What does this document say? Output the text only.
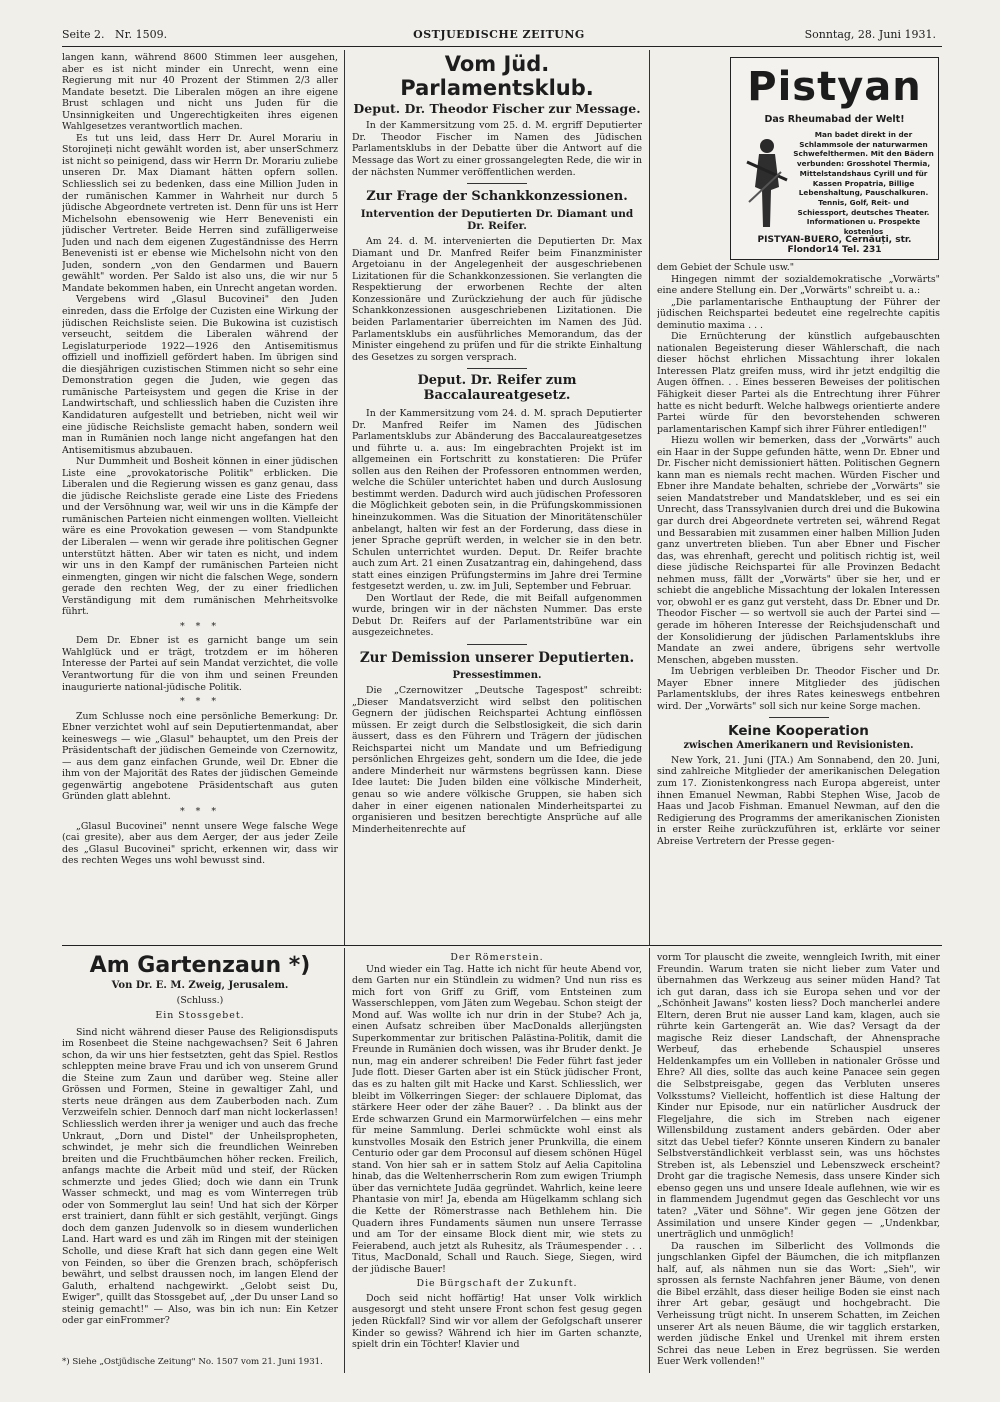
Seite 2. Nr. 1509.	OSTJUEDISCHE ZEITUNG	Sonntag, 28. Juni 1931.

langen kann, während 8600 Stimmen leer ausgehen, aber es ist nicht minder ein Unrecht, wenn eine Regierung mit nur 40 Prozent der Stimmen 2/3 aller Mandate besetzt. Die Liberalen mögen an ihre eigene Brust schlagen und nicht uns Juden für die Unsinnigkeiten und Ungerechtigkeiten ihres eigenen Wahlgesetzes verantwortlich machen.

Es tut uns leid, dass Herr Dr. Aurel Morariu in Storojineți nicht gewählt worden ist, aber unserSchmerz ist nicht so peinigend, dass wir Herrn Dr. Morariu zuliebe unseren Dr. Max Diamant hätten opfern sollen. Schliesslich sei zu bedenken, dass eine Million Juden in der rumänischen Kammer in Wahrheit nur durch 5 jüdische Abgeordnete vertreten ist. Denn für uns ist Herr Michelsohn ebensowenig wie Herr Benevenisti ein jüdischer Vertreter. Beide Herren sind zufälligerweise Juden und nach dem eigenen Zugeständnisse des Herrn Benevenisti ist er ebense wie Michelsohn nicht von den Juden, sondern „von den Gendarmen und Bauern gewählt" worden. Per Saldo ist also uns, die wir nur 5 Mandate bekommen haben, ein Unrecht angetan worden.

Vergebens wird „Glasul Bucovinei" den Juden einreden, dass die Erfolge der Cuzisten eine Wirkung der jüdischen Reichsliste seien. Die Bukowina ist cuzistisch verseucht, seitdem die Liberalen während der Legislaturperiode 1922—1926 den Antisemitismus offiziell und inoffiziell gefördert haben. Im übrigen sind die diesjährigen cuzistischen Stimmen nicht so sehr eine Demonstration gegen die Juden, wie gegen das rumänische Parteisystem und gegen die Krise in der Landwirtschaft, und schliesslich haben die Cuzisten ihre Kandidaturen aufgestellt und betrieben, nicht weil wir eine jüdische Reichsliste gemacht haben, sondern weil man in Rumänien noch lange nicht angefangen hat den Antisemitismus abzubauen.

Nur Dummheit und Bosheit können in einer jüdischen Liste eine „provokatorische Politik" erblicken. Die Liberalen und die Regierung wissen es ganz genau, dass die jüdische Reichsliste gerade eine Liste des Friedens und der Versöhnung war, weil wir uns in die Kämpfe der rumänischen Parteien nicht einmengen wollten. Vielleicht wäre es eine Provokation gewesen — vom Standpunkte der Liberalen — wenn wir gerade ihre politischen Gegner unterstützt hätten. Aber wir taten es nicht, und indem wir uns in den Kampf der rumänischen Parteien nicht einmengten, gingen wir nicht die falschen Wege, sondern gerade den rechten Weg, der zu einer friedlichen Verständigung mit dem rumänischen Mehrheitsvolke führt.

* * *

Dem Dr. Ebner ist es garnicht bange um sein Wahlglück und er trägt, trotzdem er im höheren Interesse der Partei auf sein Mandat verzichtet, die volle Verantwortung für die von ihm und seinen Freunden inaugurierte national-jüdische Politik.

* * *

Zum Schlusse noch eine persönliche Bemerkung: Dr. Ebner verzichtet wohl auf sein Deputiertenmandat, aber keineswegs — wie „Glasul" behauptet, um den Preis der Präsidentschaft der jüdischen Gemeinde von Czernowitz, — aus dem ganz einfachen Grunde, weil Dr. Ebner die ihm von der Majorität des Rates der jüdischen Gemeinde gegenwärtig angebotene Präsidentschaft aus guten Gründen glatt ablehnt.

* * *

„Glasul Bucovinei" nennt unsere Wege falsche Wege (cai gresite), aber aus dem Aerger, der aus jeder Zeile des „Glasul Bucovinei" spricht, erkennen wir, dass wir des rechten Weges uns wohl bewusst sind.

Vom Jüd. Parlamentsklub.
Deput. Dr. Theodor Fischer zur Message.

In der Kammersitzung vom 25. d. M. ergriff Deputierter Dr. Theodor Fischer im Namen des Jüdischen Parlamentsklubs in der Debatte über die Antwort auf die Message das Wort zu einer grossangelegten Rede, die wir in der nächsten Nummer veröffentlichen werden.

Zur Frage der Schankkonzessionen.
Intervention der Deputierten Dr. Diamant und Dr. Reifer.

Am 24. d. M. intervenierten die Deputierten Dr. Max Diamant und Dr. Manfred Reifer beim Finanzminister Argetoianu in der Angelegenheit der ausgeschriebenen Lizitationen für die Schankkonzessionen. Sie verlangten die Respektierung der erworbenen Rechte der alten Konzessionäre und Zurückziehung der auch für jüdische Schankkonzessionen ausgeschriebenen Lizitationen. Die beiden Parlamentarier überreichten im Namen des Jüd. Parlamentsklubs ein ausführliches Memorandum, das der Minister eingehend zu prüfen und für die strikte Einhaltung des Gesetzes zu sorgen versprach.

Deput. Dr. Reifer zum Baccalaureatgesetz.

In der Kammersitzung vom 24. d. M. sprach Deputierter Dr. Manfred Reifer im Namen des Jüdischen Parlamentsklubs zur Abänderung des Baccalaureatgesetzes und führte u. a. aus: Im eingebrachten Projekt ist im allgemeinen ein Fortschritt zu konstatieren: Die Prüfer sollen aus den Reihen der Professoren entnommen werden, welche die Schüler unterichtet haben und durch Auslosung bestimmt werden. Dadurch wird auch jüdischen Professoren die Möglichkeit geboten sein, in die Prüfungskommissionen hineinzukommen. Was die Situation der Minoritätenschüler anbelangt, halten wir fest an der Forderung, dass diese in jener Sprache geprüft werden, in welcher sie in den betr. Schulen unterrichtet wurden. Deput. Dr. Reifer brachte auch zum Art. 21 einen Zusatzantrag ein, dahingehend, dass statt eines einzigen Prüfungstermins im Jahre drei Termine festgesetzt werden, u. zw. im Juli, September und Februar.

Den Wortlaut der Rede, die mit Beifall aufgenommen wurde, bringen wir in der nächsten Nummer. Das erste Debut Dr. Reifers auf der Parlamentstribüne war ein ausgezeichnetes.

Zur Demission unserer Deputierten.
Pressestimmen.

Die „Czernowitzer „Deutsche Tagespost" schreibt: „Dieser Mandatsverzicht wird selbst den politischen Gegnern der jüdischen Reichspartei Achtung einflössen müssen. Er zeigt durch die Selbstlosigkeit, die sich darin äussert, dass es den Führern und Trägern der jüdischen Reichspartei nicht um Mandate und um Befriedigung persönlichen Ehrgeizes geht, sondern um die Idee, die jede andere Minderheit nur wärmstens begrüssen kann. Diese Idee lautet: Die Juden bilden eine völkische Minderheit, genau so wie andere völkische Gruppen, sie haben sich daher in einer eigenen nationalen Minderheitspartei zu organisieren und besitzen berechtigte Ansprüche auf alle Minderheitenrechte auf

Pistyan
Das Rheumabad der Welt!
Man badet direkt in der Schlammsole der naturwarmen Schwefelthermen. Mit den Bädern verbunden: Grosshotel Thermia, Mittelstandshaus Cyrill und für Kassen Propatria, Billige Lebenshaltung, Pauschalkuren. Tennis, Golf, Reit- und Schiessport, deutsches Theater.
Informationen u. Prospekte kostenlos
PISTYAN-BUERO, Cernăuți, str. Flondor14 Tel. 231

dem Gebiet der Schule usw."

Hingegen nimmt der sozialdemokratische „Vorwärts" eine andere Stellung ein. Der „Vorwärts" schreibt u. a.:

„Die parlamentarische Enthauptung der Führer der jüdischen Reichspartei bedeutet eine regelrechte capitis deminutio maxima . . .

Die Ernüchterung der künstlich aufgebauschten nationalen Begeisterung dieser Wählerschaft, die nach dieser höchst ehrlichen Missachtung ihrer lokalen Interessen Platz greifen muss, wird ihr jetzt endgiltig die Augen öffnen. . . Eines besseren Beweises der politischen Fähigkeit dieser Partei als die Entrechtung ihrer Führer hatte es nicht bedurft. Welche halbwegs orientierte andere Partei würde für den bevorstehenden schweren parlamentarischen Kampf sich ihrer Führer entledigen!"

Hiezu wollen wir bemerken, dass der „Vorwärts" auch ein Haar in der Suppe gefunden hätte, wenn Dr. Ebner und Dr. Fischer nicht demissioniert hätten. Politischen Gegnern kann man es niemals recht machen. Würden Fischer und Ebner ihre Mandate behalten, schriebe der „Vorwärts" sie seien Mandatstreber und Mandatskleber, und es sei ein Unrecht, dass Transsylvanien durch drei und die Bukowina gar durch drei Abgeordnete vertreten sei, während Regat und Bessarabien mit zusammen einer halben Million Juden ganz unvertreten blieben. Tun aber Ebner und Fischer das, was ehrenhaft, gerecht und politisch richtig ist, weil diese jüdische Reichspartei für alle Provinzen Bedacht nehmen muss, fällt der „Vorwärts" über sie her, und er schiebt die angebliche Missachtung der lokalen Interessen vor, obwohl er es ganz gut versteht, dass Dr. Ebner und Dr. Theodor Fischer — so wertvoll sie auch der Partei sind — gerade im höheren Interesse der Reichsjudenschaft und der Konsolidierung der jüdischen Parlamentsklubs ihre Mandate an zwei andere, übrigens sehr wertvolle Menschen, abgeben mussten.

Im Uebrigen verbleiben Dr. Theodor Fischer und Dr. Mayer Ebner innere Mitglieder des jüdischen Parlamentsklubs, der ihres Rates keineswegs entbehren wird. Der „Vorwärts" soll sich nur keine Sorge machen.

Keine Kooperation
zwischen Amerikanern und Revisionisten.

New York, 21. Juni (JTA.) Am Sonnabend, den 20. Juni, sind zahlreiche Mitglieder der amerikanischen Delegation zum 17. Zionistenkongress nach Europa abgereist, unter ihnen Emanuel Newman, Rabbi Stephen Wise, Jacob de Haas und Jacob Fishman. Emanuel Newman, auf den die Redigierung des Programms der amerikanischen Zionisten in erster Reihe zurückzuführen ist, erklärte vor seiner Abreise Vertretern der Presse gegen-

Am Gartenzaun *)
Von Dr. E. M. Zweig, Jerusalem.
(Schluss.)
Ein Stossgebet.

Sind nicht während dieser Pause des Religionsdisputs im Rosenbeet die Steine nachgewachsen? Seit 6 Jahren schon, da wir uns hier festsetzten, geht das Spiel. Restlos schleppten meine brave Frau und ich von unserem Grund die Steine zum Zaun und darüber weg. Steine aller Grössen und Formen, Steine in gewaltiger Zahl, und sterts neue drängen aus dem Zauberboden nach. Zum Verzweifeln schier. Dennoch darf man nicht lockerlassen! Schliesslich werden ihrer ja weniger und auch das freche Unkraut, „Dorn und Distel" der Unheilspropheten, schwindet, je mehr sich die freundlichen Weinreben breiten und die Fruchtbäumchen höher recken. Freilich, anfangs machte die Arbeit müd und steif, der Rücken schmerzte und jedes Glied; doch wie dann ein Trunk Wasser schmeckt, und mag es vom Winterregen trüb oder von Sommerglut lau sein! Und hat sich der Körper erst trainiert, dann fühlt er sich gestählt, verjüngt. Gings doch dem ganzen Judenvolk so in diesem wunderlichen Land. Hart ward es und zäh im Ringen mit der steinigen Scholle, und diese Kraft hat sich dann gegen eine Welt von Feinden, so über die Grenzen brach, schöpferisch bewährt, und selbst draussen noch, im langen Elend der Galuth, erhaltend nachgewirkt. „Gelobt seist Du, Ewiger", quillt das Stossgebet auf, „der Du unser Land so steinig gemacht!" — Also, was bin ich nun: Ein Ketzer oder gar einFrommer?

*) Siehe „Ostjüdische Zeitung" No. 1507 vom 21. Juni 1931.
Der Römerstein.

Und wieder ein Tag. Hatte ich nicht für heute Abend vor, dem Garten nur ein Stündlein zu widmen? Und nun riss es mich fort von Griff zu Griff, vom Entsteinen zum Wasserschleppen, vom Jäten zum Wegebau. Schon steigt der Mond auf. Was wollte ich nur drin in der Stube? Ach ja, einen Aufsatz schreiben über MacDonalds allerjüngsten Superkommentar zur britischen Palästina-Politik, damit die Freunde in Rumänien doch wissen, was ihr Bruder denkt. Je nun, mag ein anderer schreiben! Die Feder führt fast jeder Jude flott. Dieser Garten aber ist ein Stück jüdischer Front, das es zu halten gilt mit Hacke und Karst. Schliesslich, wer bleibt im Völkerringen Sieger: der schlauere Diplomat, das stärkere Heer oder der zähe Bauer? . . Da blinkt aus der Erde schwarzen Grund ein Marmorwürfelchen — eins mehr für meine Sammlung. Derlei schmückte wohl einst als kunstvolles Mosaik den Estrich jener Prunkvilla, die einem Centurio oder gar dem Proconsul auf diesem schönen Hügel stand. Von hier sah er in sattem Stolz auf Aelia Capitolina hinab, das die Weltenherrscherin Rom zum ewigen Triumph über das vernichtete Judäa gegründet. Wahrlich, keine leere Phantasie von mir! Ja, ebenda am Hügelkamm schlang sich die Kette der Römerstrasse nach Bethlehem hin. Die Quadern ihres Fundaments säumen nun unsere Terrasse und am Tor der einsame Block dient mir, wie stets zu Feierabend, auch jetzt als Ruhesitz, als Träumespender . . . Titus, MacDonald, Schall und Rauch. Siege, Siegen, wird der jüdische Bauer!

Die Bürgschaft der Zukunft.

Doch seid nicht hoffärtig! Hat unser Volk wirklich ausgesorgt und steht unsere Front schon fest gesug gegen jeden Rückfall? Sind wir vor allem der Gefolgschaft unserer Kinder so gewiss? Während ich hier im Garten schanzte, spielt drin ein Töchter! Klavier und

vorm Tor plauscht die zweite, wenngleich Iwrith, mit einer Freundin. Warum traten sie nicht lieber zum Vater und übernahmen das Werkzeug aus seiner müden Hand? Tat ich gut daran, dass ich sie Europa sehen und vor der „Schönheit Jawans" kosten liess? Doch mancherlei andere Eltern, deren Brut nie ausser Land kam, klagen, auch sie rührte kein Gartengerät an. Wie das? Versagt da der magische Reiz dieser Landschaft, der Ahnensprache Werbeuf, das erhebende Schauspiel unseres Heldenkampfes um ein Vollleben in nationaler Grösse und Ehre? All dies, sollte das auch keine Panacee sein gegen die Selbstpreisgabe, gegen das Verbluten unseres Volksstums? Vielleicht, hoffentlich ist diese Haltung der Kinder nur Episode, nur ein natürlicher Ausdruck der Flegeljahre, die sich im Streben nach eigener Willensbildung zustament anders gebärden. Oder aber sitzt das Uebel tiefer? Könnte unseren Kindern zu banaler Selbstverständlichkeit verblasst sein, was uns höchstes Streben ist, als Lebensziel und Lebenszweck erscheint? Droht gar die tragische Nemesis, dass unsere Kinder sich ebenso gegen uns und unsere Ideale auflehnen, wie wir es in flammendem Jugendmut gegen das Geschlecht vor uns taten? „Väter und Söhne". Wir gegen jene Götzen der Assimilation und unsere Kinder gegen — „Undenkbar, unerträglich und unmöglich!

Da rauschen im Silberlicht des Vollmonds die jungschlanken Gipfel der Bäumchen, die ich mitpflanzen half, auf, als nähmen nun sie das Wort: „Sieh", wir sprossen als fernste Nachfahren jener Bäume, von denen die Bibel erzählt, dass dieser heilige Boden sie einst nach ihrer Art gebar, gesäugt und hochgebracht. Die Verheissung trügt nicht. In unserem Schatten, im Zeichen unserer Art als neuen Bäume, die wir tagglich erstarken, werden jüdische Enkel und Urenkel mit ihrem ersten Schrei das neue Leben in Erez begrüssen. Sie werden Euer Werk vollenden!"
